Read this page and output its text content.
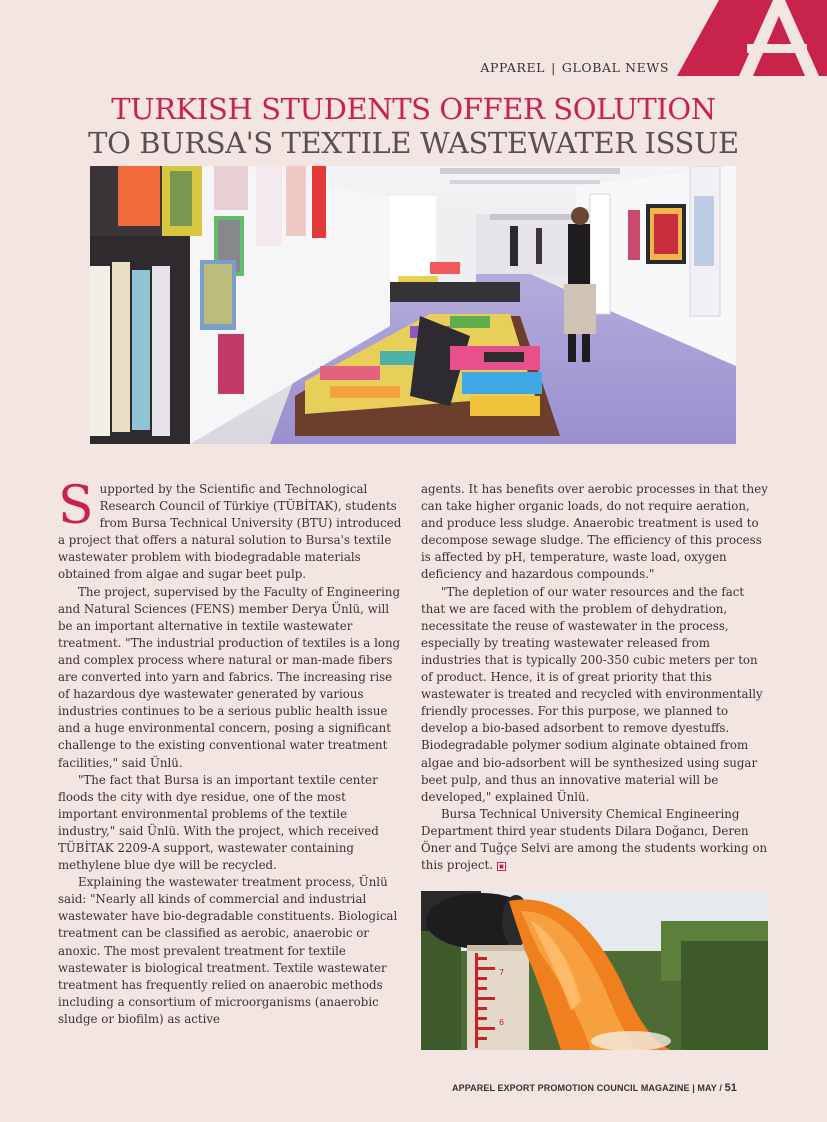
APPAREL | GLOBAL NEWS
TURKISH STUDENTS OFFER SOLUTION
TO BURSA'S TEXTILE WASTEWATER ISSUE

Supported by the Scientific and Technological Research Council of Türkiye (TÜBİTAK), students from Bursa Technical University (BTU) introduced a project that offers a natural solution to Bursa's textile wastewater problem with biodegradable materials obtained from algae and sugar beet pulp.

The project, supervised by the Faculty of Engineering and Natural Sciences (FENS) member Derya Ünlü, will be an important alternative in textile wastewater treatment. "The industrial production of textiles is a long and complex process where natural or man-made fibers are converted into yarn and fabrics. The increasing rise of hazardous dye wastewater generated by various industries continues to be a serious public health issue and a huge environmental concern, posing a significant challenge to the existing conventional water treatment facilities," said Ünlü.

"The fact that Bursa is an important textile center floods the city with dye residue, one of the most important environmental problems of the textile industry," said Ünlü. With the project, which received TÜBİTAK 2209-A support, wastewater containing methylene blue dye will be recycled.

Explaining the wastewater treatment process, Ünlü said: "Nearly all kinds of commercial and industrial wastewater have bio-degradable constituents. Biological treatment can be classified as aerobic, anaerobic or anoxic. The most prevalent treatment for textile wastewater is biological treatment. Textile wastewater treatment has frequently relied on anaerobic methods including a consortium of microorganisms (anaerobic sludge or biofilm) as active

agents. It has benefits over aerobic processes in that they can take higher organic loads, do not require aeration, and produce less sludge. Anaerobic treatment is used to decompose sewage sludge. The efficiency of this process is affected by pH, temperature, waste load, oxygen deficiency and hazardous compounds."

"The depletion of our water resources and the fact that we are faced with the problem of dehydration, necessitate the reuse of wastewater in the process, especially by treating wastewater released from industries that is typically 200-350 cubic meters per ton of product. Hence, it is of great priority that this wastewater is treated and recycled with environmentally friendly processes. For this purpose, we planned to develop a bio-based adsorbent to remove dyestuffs. Biodegradable polymer sodium alginate obtained from algae and bio-adsorbent will be synthesized using sugar beet pulp, and thus an innovative material will be developed," explained Ünlü.

Bursa Technical University Chemical Engineering Department third year students Dilara Doğancı, Deren Öner and Tuğçe Selvi are among the students working on this project.

7
6
APPAREL EXPORT PROMOTION COUNCIL MAGAZINE | MAY / 51
